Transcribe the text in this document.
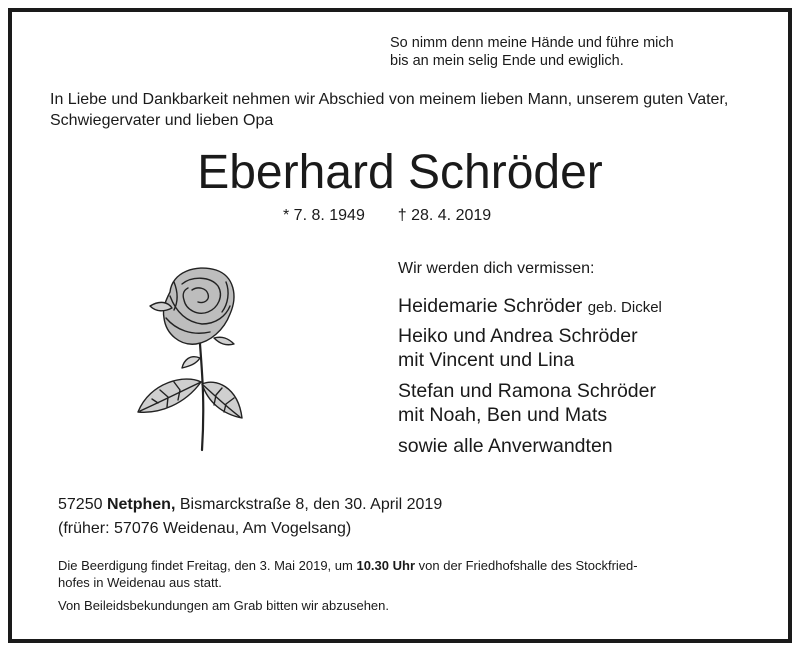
So nimm denn meine Hände und führe mich
bis an mein selig Ende und ewiglich.
In Liebe und Dankbarkeit nehmen wir Abschied von meinem lieben Mann, unserem guten Vater, Schwiegervater und lieben Opa
Eberhard Schröder
* 7. 8. 1949 † 28. 4. 2019
Wir werden dich vermissen:
Heidemarie Schröder geb. Dickel
Heiko und Andrea Schröder
mit Vincent und Lina
Stefan und Ramona Schröder
mit Noah, Ben und Mats
sowie alle Anverwandten
57250 Netphen, Bismarckstraße 8, den 30. April 2019
(früher: 57076 Weidenau, Am Vogelsang)
Die Beerdigung findet Freitag, den 3. Mai 2019, um 10.30 Uhr von der Friedhofshalle des Stockfried-
hofes in Weidenau aus statt.
Von Beileidsbekundungen am Grab bitten wir abzusehen.
